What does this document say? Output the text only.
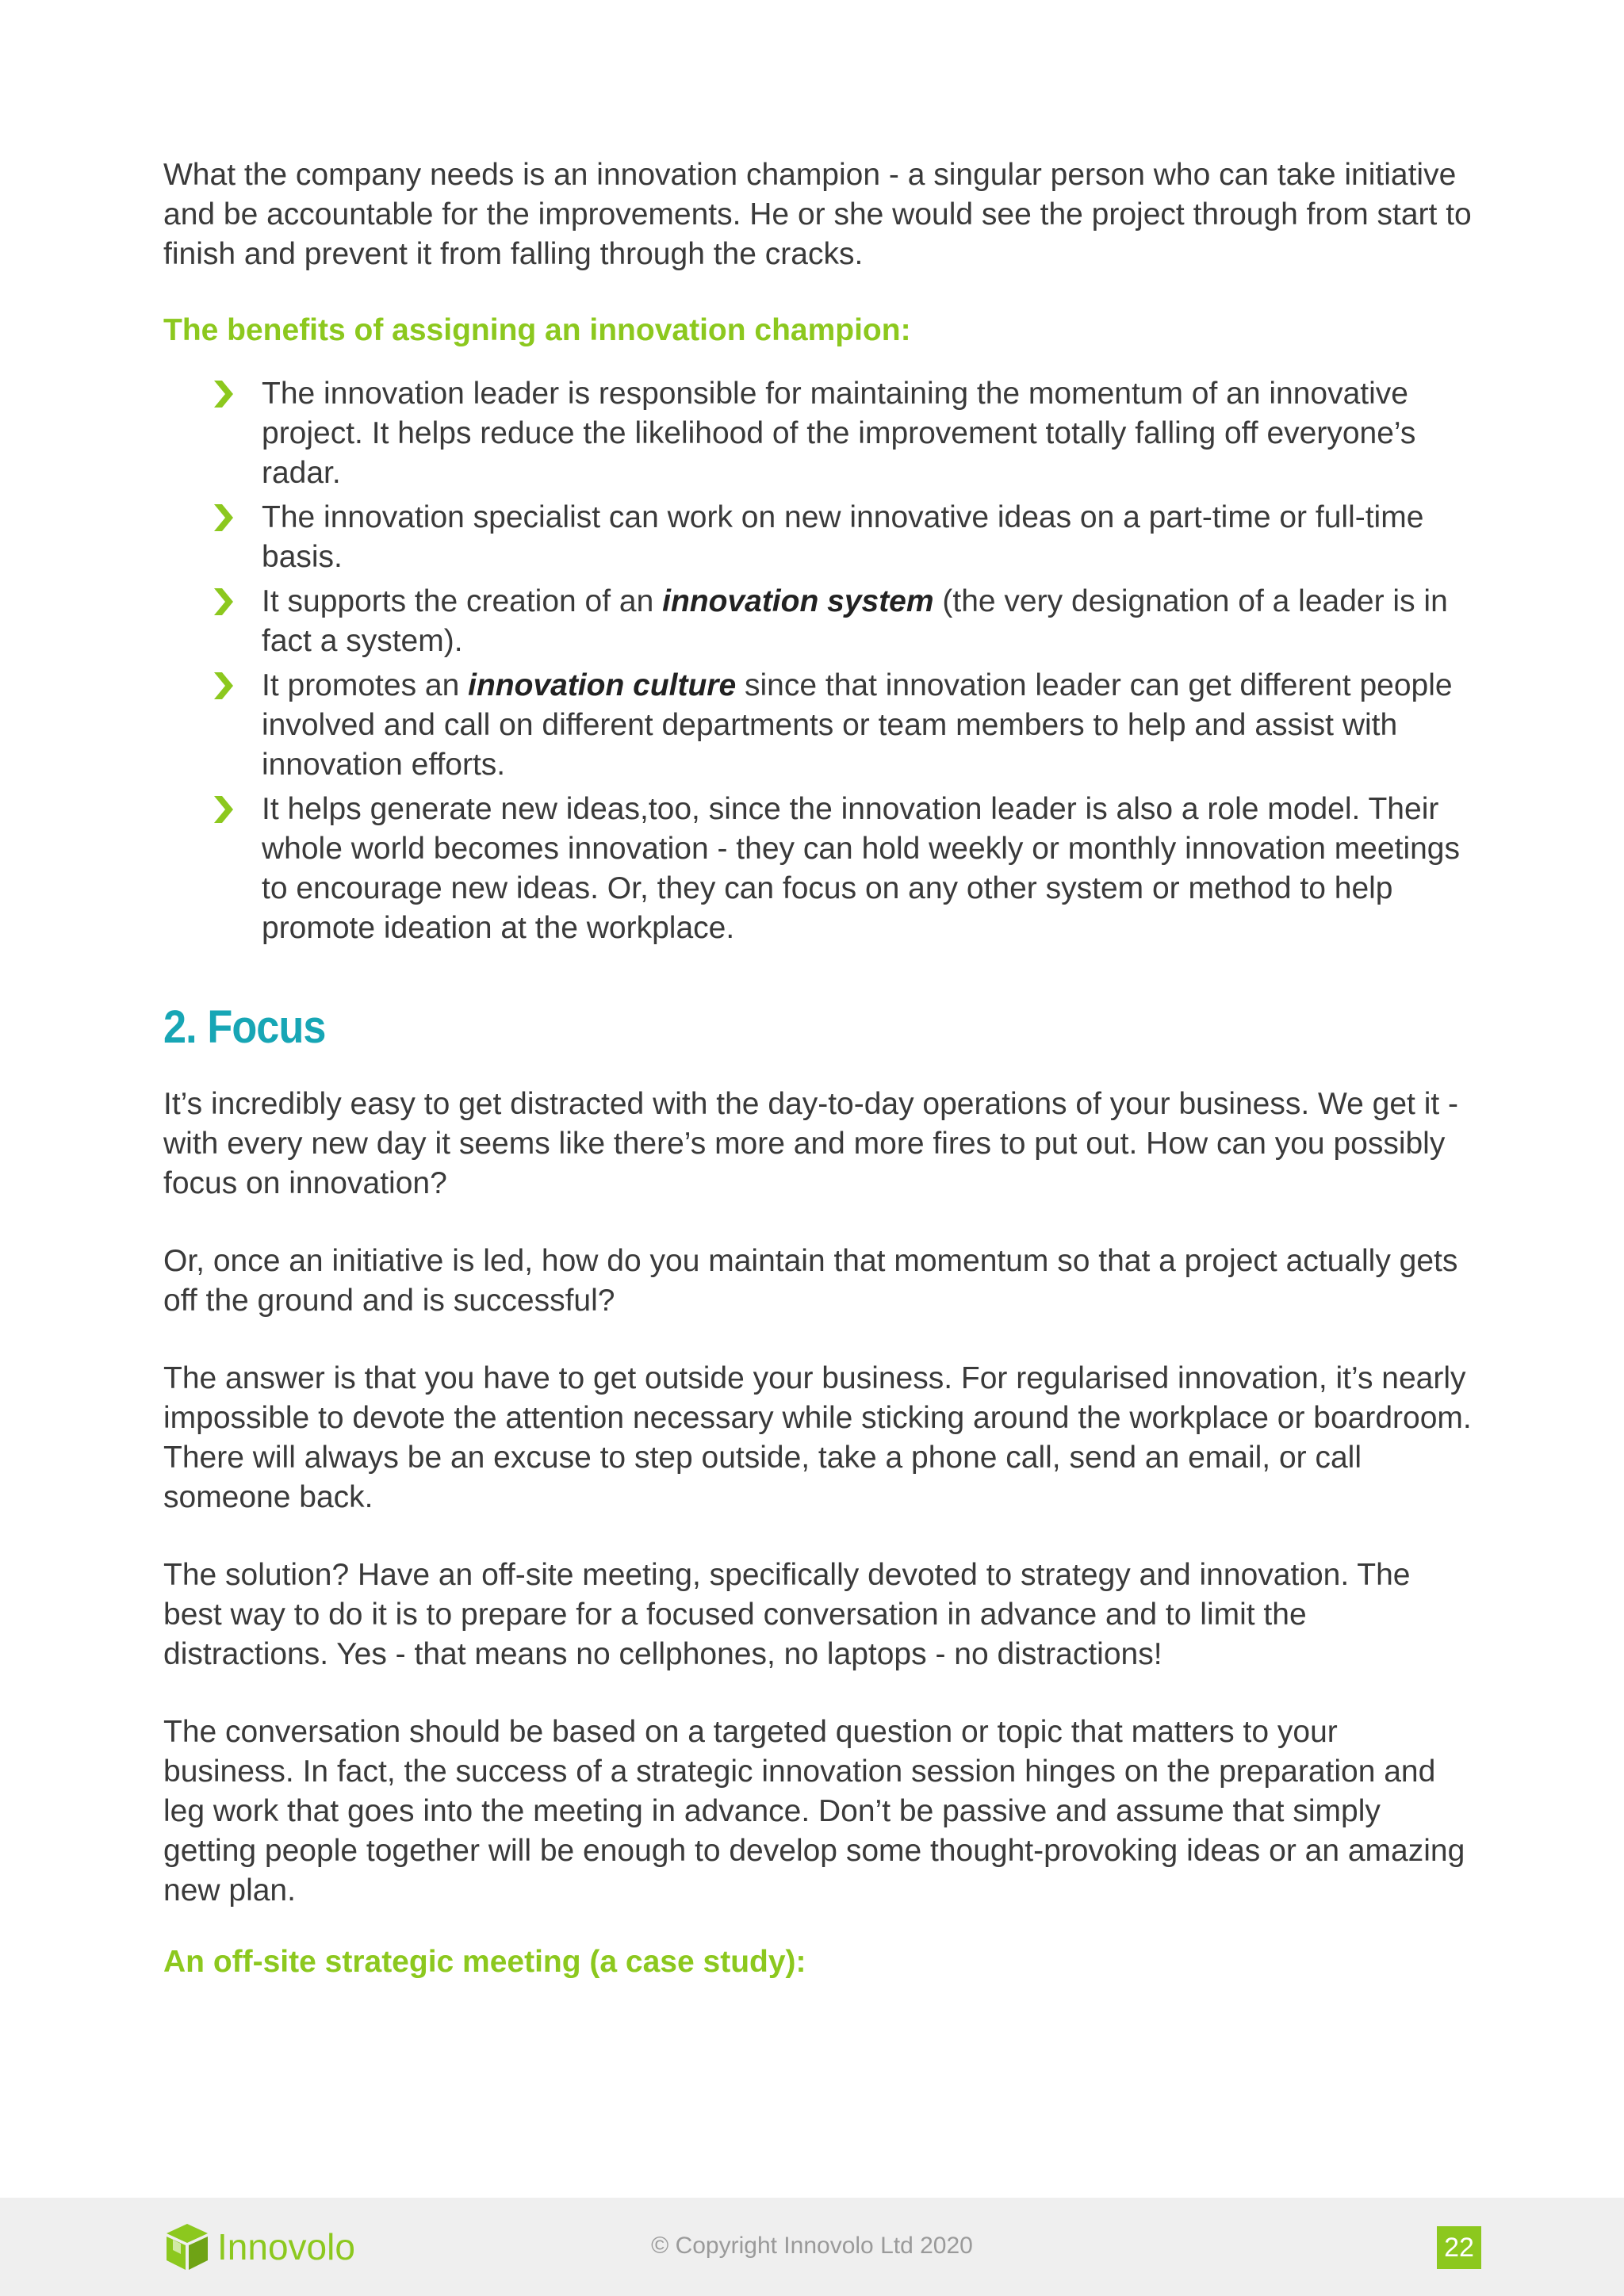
What the company needs is an innovation champion - a singular person who can take initiative and be accountable for the improvements. He or she would see the project through from start to finish and prevent it from falling through the cracks.

The benefits of assigning an innovation champion:

The innovation leader is responsible for maintaining the momentum of an innovative project. It helps reduce the likelihood of the improvement totally falling off everyone’s radar.
The innovation specialist can work on new innovative ideas on a part-time or full-time basis.
It supports the creation of an innovation system (the very designation of a leader is in fact a system).
It promotes an innovation culture since that innovation leader can get different people involved and call on different departments or team members to help and assist with innovation efforts.
It helps generate new ideas,too, since the innovation leader is also a role model. Their whole world becomes innovation - they can hold weekly or monthly innovation meetings to encourage new ideas. Or, they can focus on any other system or method to help promote ideation at the workplace.
2. Focus

It’s incredibly easy to get distracted with the day-to-day operations of your business. We get it - with every new day it seems like there’s more and more fires to put out. How can you possibly focus on innovation?

Or, once an initiative is led, how do you maintain that momentum so that a project actually gets off the ground and is successful?

The answer is that you have to get outside your business. For regularised innovation, it’s nearly impossible to devote the attention necessary while sticking around the workplace or boardroom. There will always be an excuse to step outside, take a phone call, send an email, or call someone back.

The solution? Have an off-site meeting, specifically devoted to strategy and innovation. The best way to do it is to prepare for a focused conversation in advance and to limit the distractions. Yes - that means no cellphones, no laptops - no distractions!

The conversation should be based on a targeted question or topic that matters to your business. In fact, the success of a strategic innovation session hinges on the preparation and leg work that goes into the meeting in advance. Don’t be passive and assume that simply getting people together will be enough to develop some thought-provoking ideas or an amazing new plan.

An off-site strategic meeting (a case study):

Innovolo	© Copyright Innovolo Ltd 2020	22
